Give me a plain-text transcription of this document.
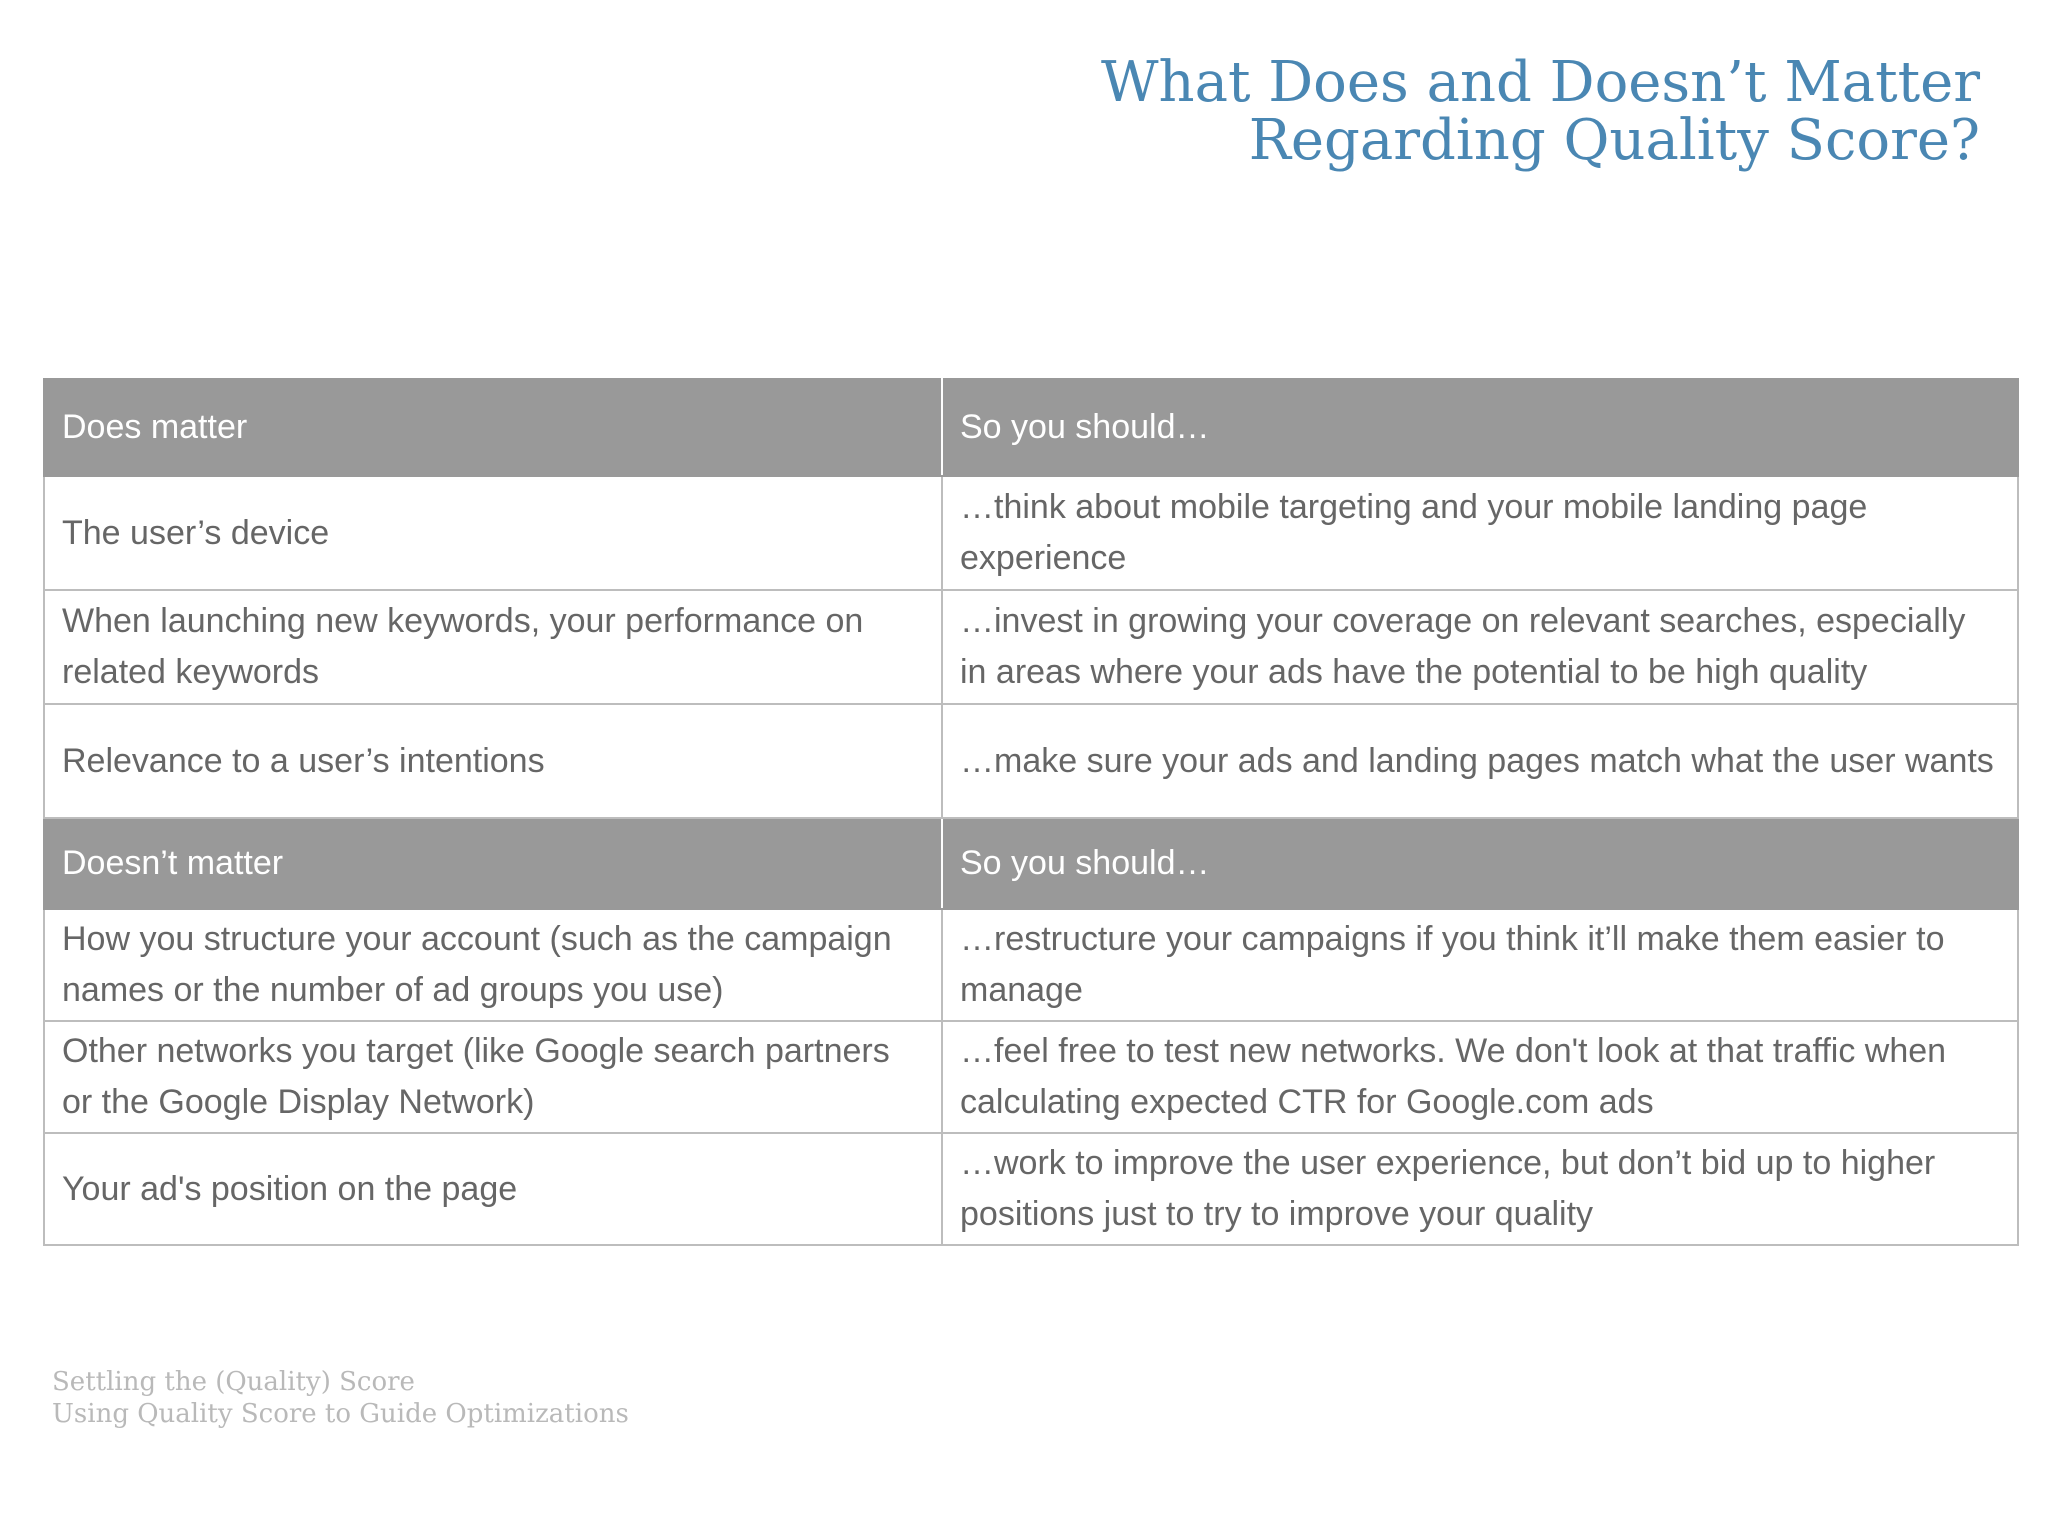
What Does and Doesn’t Matter
Regarding Quality Score?
Does matter	So you should…
The user’s device	…think about mobile targeting and your mobile landing page experience
When launching new keywords, your performance on related keywords	…invest in growing your coverage on relevant searches, especially in areas where your ads have the potential to be high quality
Relevance to a user’s intentions	…make sure your ads and landing pages match what the user wants
Doesn’t matter	So you should…
How you structure your account (such as the campaign names or the number of ad groups you use)	…restructure your campaigns if you think it’ll make them easier to manage
Other networks you target (like Google search partners or the Google Display Network)	…feel free to test new networks. We don't look at that traffic when calculating expected CTR for Google.com ads
Your ad's position on the page	…work to improve the user experience, but don’t bid up to higher positions just to try to improve your quality
Settling the (Quality) Score
Using Quality Score to Guide Optimizations
